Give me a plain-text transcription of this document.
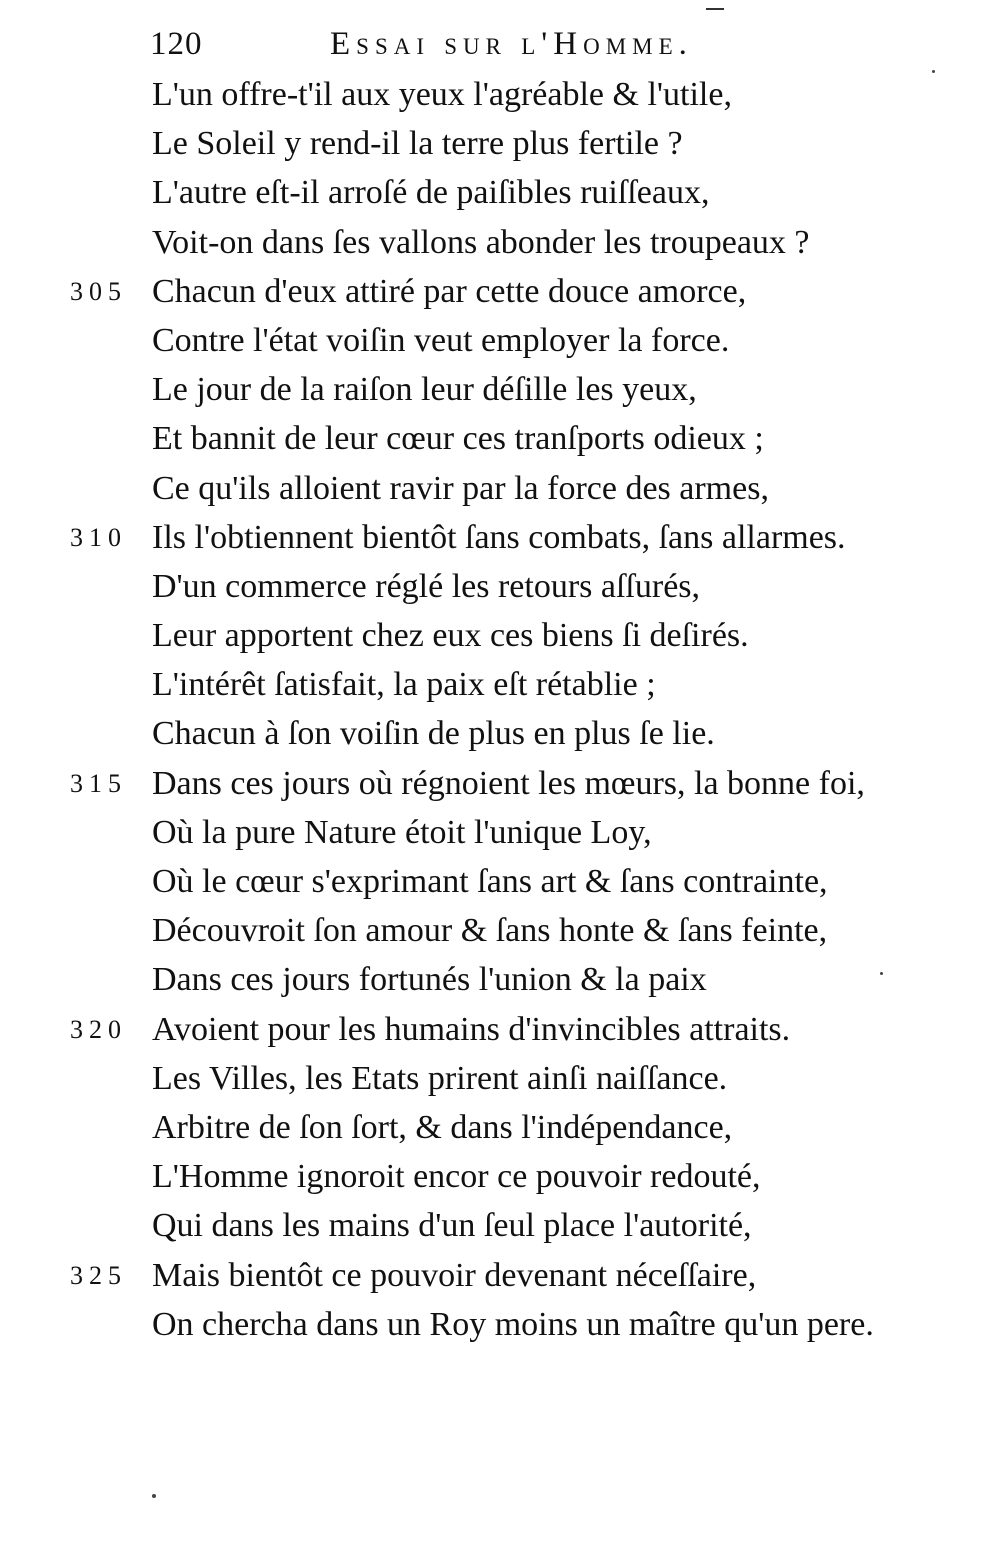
120	Essai sur l'Homme.
L'un offre-t'il aux yeux l'agréable & l'utile,
Le Soleil y rend-il la terre plus fertile ?
L'autre eſt-il arroſé de paiſibles ruiſſeaux,
Voit-on dans ſes vallons abonder les troupeaux ?
305 Chacun d'eux attiré par cette douce amorce,
Contre l'état voiſin veut employer la force.
Le jour de la raiſon leur déſille les yeux,
Et bannit de leur cœur ces tranſports odieux ;
Ce qu'ils alloient ravir par la force des armes,
310 Ils l'obtiennent bientôt ſans combats, ſans allarmes.
D'un commerce réglé les retours aſſurés,
Leur apportent chez eux ces biens ſi deſirés.
L'intérêt ſatisfait, la paix eſt rétablie ;
Chacun à ſon voiſin de plus en plus ſe lie.
315 Dans ces jours où régnoient les mœurs, la bonne foi,
Où la pure Nature étoit l'unique Loy,
Où le cœur s'exprimant ſans art & ſans contrainte,
Découvroit ſon amour & ſans honte & ſans feinte,
Dans ces jours fortunés l'union & la paix
320 Avoient pour les humains d'invincibles attraits.
Les Villes, les Etats prirent ainſi naiſſance.
Arbitre de ſon ſort, & dans l'indépendance,
L'Homme ignoroit encor ce pouvoir redouté,
Qui dans les mains d'un ſeul place l'autorité,
325 Mais bientôt ce pouvoir devenant néceſſaire,
On chercha dans un Roy moins un maître qu'un pere.
